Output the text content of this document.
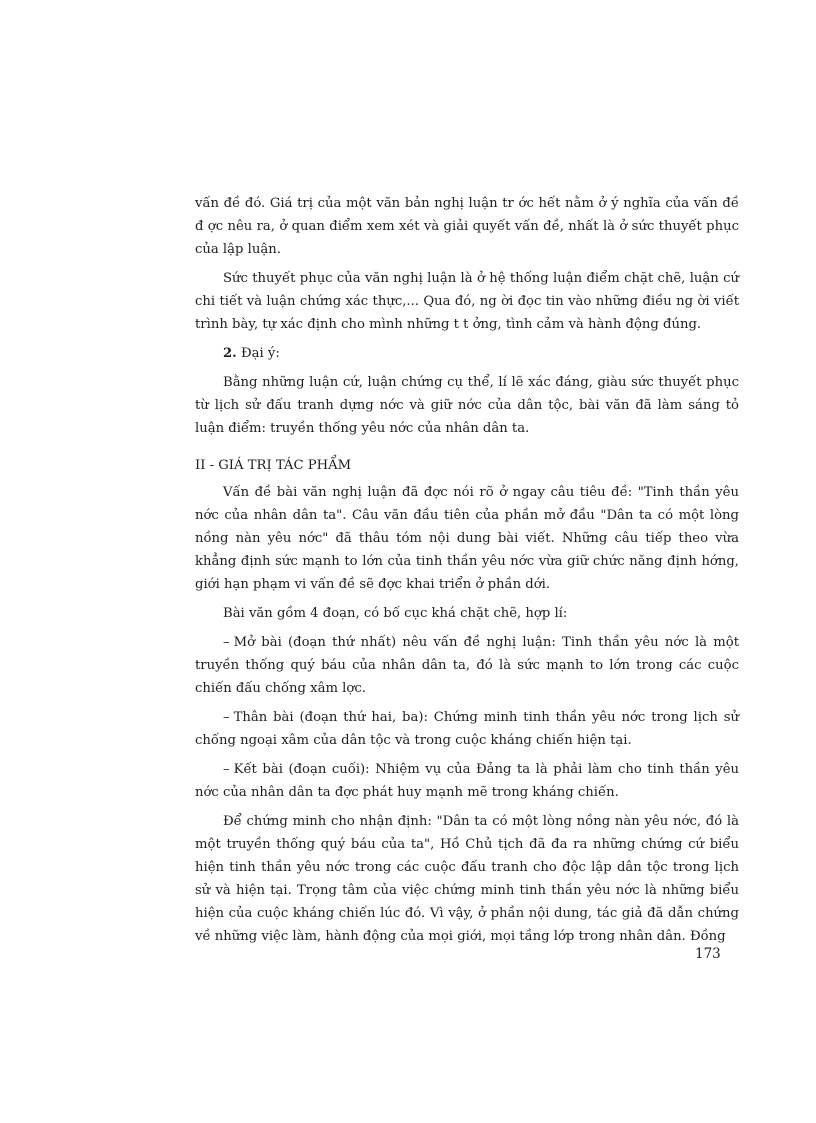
vấn đề đó. Giá trị của một văn bản nghị luận tr ớc hết nằm ở ý nghĩa của vấn đề đ ợc nêu ra, ở quan điểm xem xét và giải quyết vấn đề, nhất là ở sức thuyết phục của lập luận.

Sức thuyết phục của văn nghị luận là ở hệ thống luận điểm chặt chẽ, luận cứ chi tiết và luận chứng xác thực,... Qua đó, ng ời đọc tin vào những điều ng ời viết trình bày, tự xác định cho mình những t t ởng, tình cảm và hành động đúng.

2. Đại ý:

Bằng những luận cứ, luận chứng cụ thể, lí lẽ xác đáng, giàu sức thuyết phục từ lịch sử đấu tranh dựng nớc và giữ nớc của dân tộc, bài văn đã làm sáng tỏ luận điểm: truyền thống yêu nớc của nhân dân ta.

II - GIÁ TRỊ TÁC PHẨM

Vấn đề bài văn nghị luận đã đợc nói rõ ở ngay câu tiêu đề: "Tinh thần yêu nớc của nhân dân ta". Câu văn đầu tiên của phần mở đầu "Dân ta có một lòng nồng nàn yêu nớc" đã thâu tóm nội dung bài viết. Những câu tiếp theo vừa khẳng định sức mạnh to lớn của tinh thần yêu nớc vừa giữ chức năng định hớng, giới hạn phạm vi vấn đề sẽ đợc khai triển ở phần dới.

Bài văn gồm 4 đoạn, có bố cục khá chặt chẽ, hợp lí:

– Mở bài (đoạn thứ nhất) nêu vấn đề nghị luận: Tinh thần yêu nớc là một truyền thống quý báu của nhân dân ta, đó là sức mạnh to lớn trong các cuộc chiến đấu chống xâm lợc.

– Thân bài (đoạn thứ hai, ba): Chứng minh tinh thần yêu nớc trong lịch sử chống ngoại xâm của dân tộc và trong cuộc kháng chiến hiện tại.

– Kết bài (đoạn cuối): Nhiệm vụ của Đảng ta là phải làm cho tinh thần yêu nớc của nhân dân ta đợc phát huy mạnh mẽ trong kháng chiến.

Để chứng minh cho nhận định: "Dân ta có một lòng nồng nàn yêu nớc, đó là một truyền thống quý báu của ta", Hồ Chủ tịch đã đa ra những chứng cứ biểu hiện tinh thần yêu nớc trong các cuộc đấu tranh cho độc lập dân tộc trong lịch sử và hiện tại. Trọng tâm của việc chứng minh tinh thần yêu nớc là những biểu hiện của cuộc kháng chiến lúc đó. Vì vậy, ở phần nội dung, tác giả đã dẫn chứng về những việc làm, hành động của mọi giới, mọi tầng lớp trong nhân dân. Đồng

173
